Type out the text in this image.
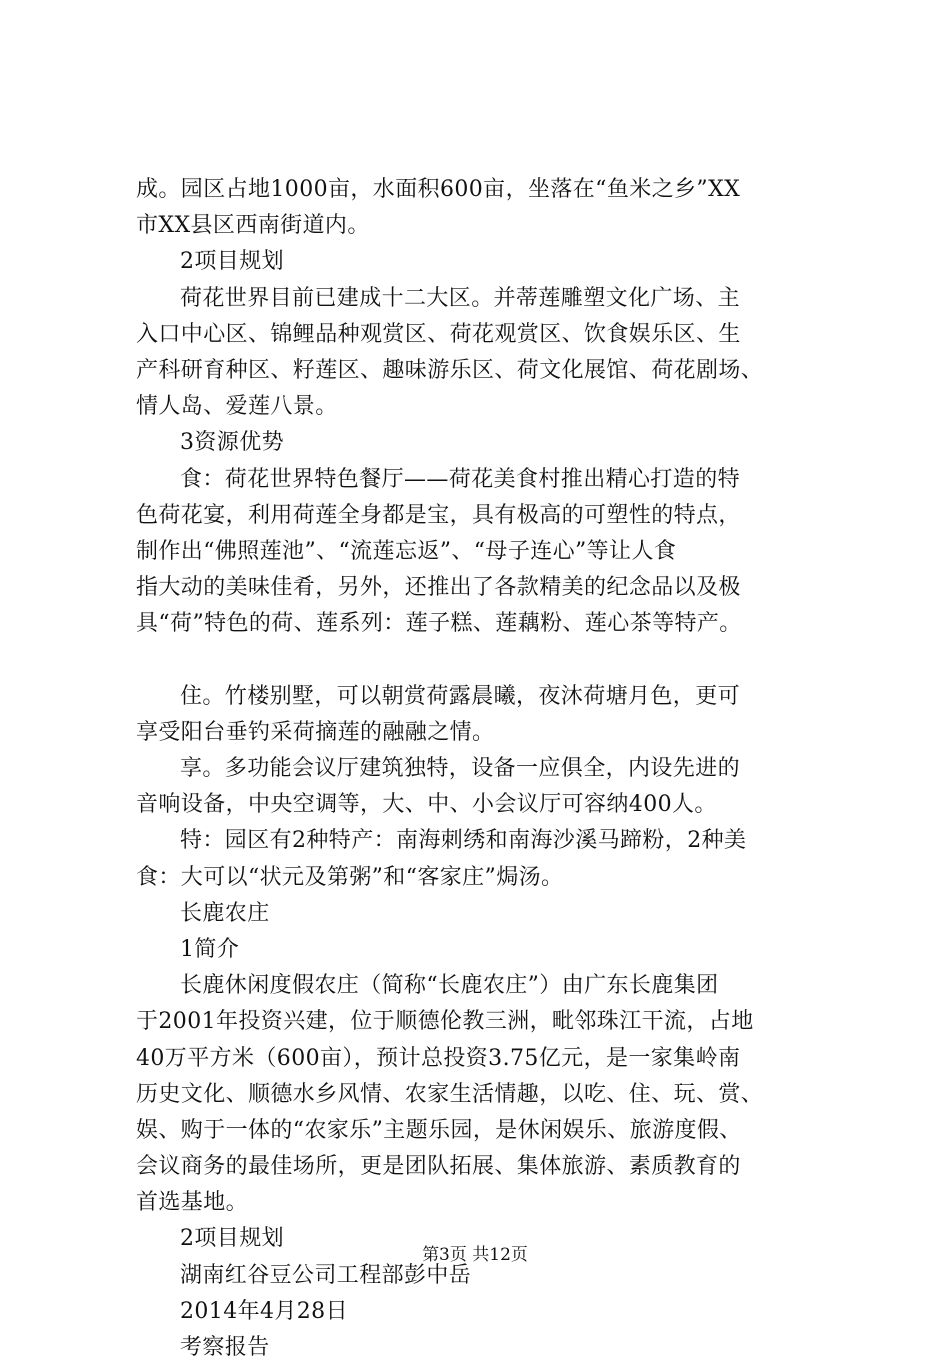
成。园区占地1000亩，水面积600亩，坐落在“鱼米之乡”XX
市XX县区西南街道内。
2项目规划
荷花世界目前已建成十二大区。并蒂莲雕塑文化广场、主
入口中心区、锦鲤品种观赏区、荷花观赏区、饮食娱乐区、生
产科研育种区、籽莲区、趣味游乐区、荷文化展馆、荷花剧场、
情人岛、爱莲八景。
3资源优势
食：荷花世界特色餐厅——荷花美食村推出精心打造的特
色荷花宴，利用荷莲全身都是宝，具有极高的可塑性的特点，
制作出“佛照莲池”、“流莲忘返”、“母子连心”等让人食
指大动的美味佳肴，另外，还推出了各款精美的纪念品以及极
具“荷”特色的荷、莲系列：莲子糕、莲藕粉、莲心茶等特产。
住。竹楼别墅，可以朝赏荷露晨曦，夜沐荷塘月色，更可
享受阳台垂钓采荷摘莲的融融之情。
享。多功能会议厅建筑独特，设备一应俱全，内设先进的
音响设备，中央空调等，大、中、小会议厅可容纳400人。
特：园区有2种特产：南海刺绣和南海沙溪马蹄粉，2种美
食：大可以“状元及第粥”和“客家庄”焗汤。
长鹿农庄
1简介
长鹿休闲度假农庄（简称“长鹿农庄”）由广东长鹿集团
于2001年投资兴建，位于顺德伦教三洲，毗邻珠江干流，占地
40万平方米（600亩），预计总投资3.75亿元，是一家集岭南
历史文化、顺德水乡风情、农家生活情趣，以吃、住、玩、赏、
娱、购于一体的“农家乐”主题乐园，是休闲娱乐、旅游度假、
会议商务的最佳场所，更是团队拓展、集体旅游、素质教育的
首选基地。
2项目规划
湖南红谷豆公司工程部彭中岳
2014年4月28日
考察报告
第3页 共12页
